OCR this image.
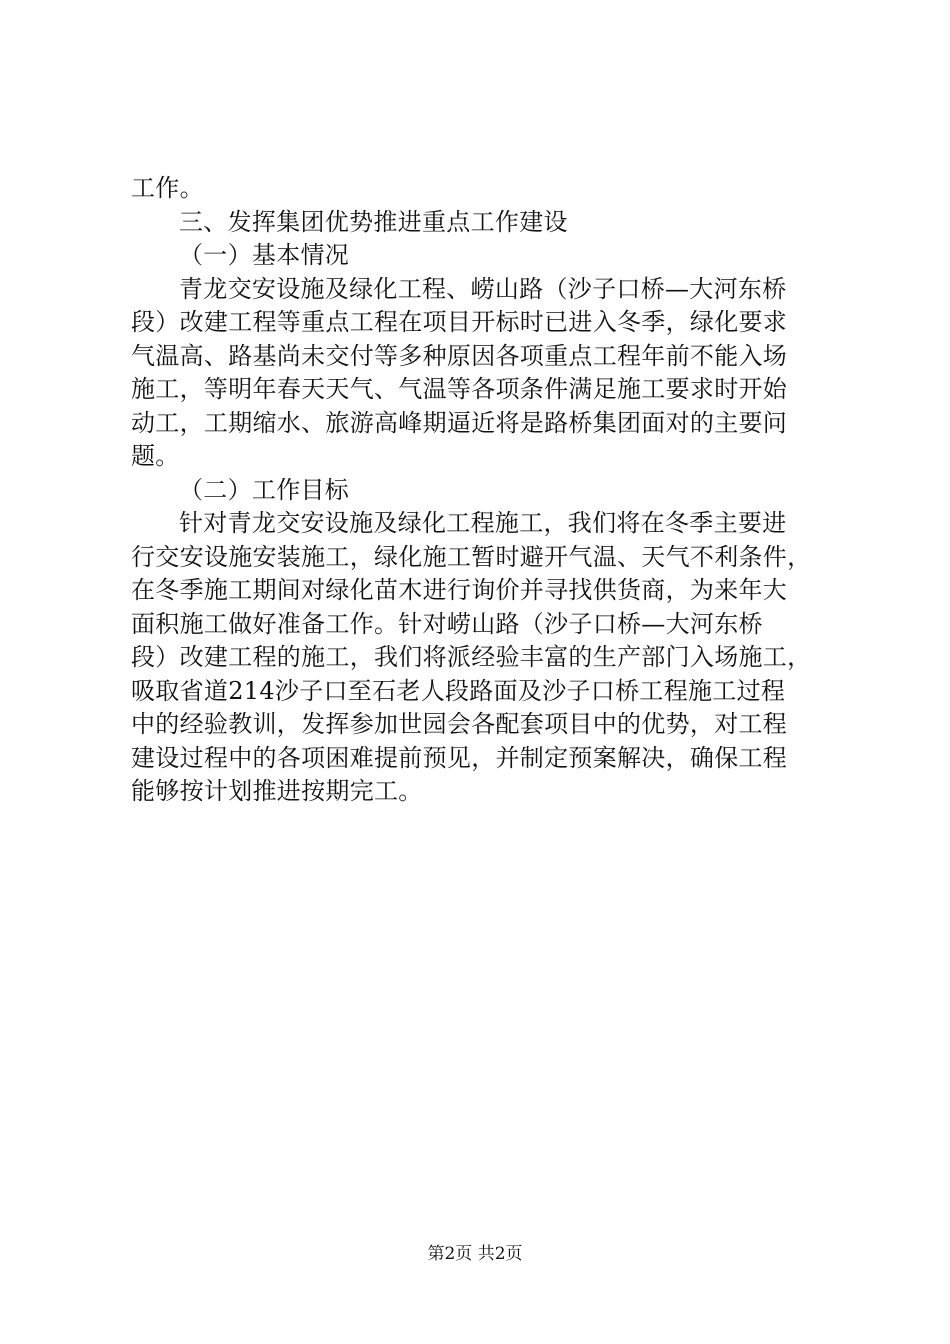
工作。
三、发挥集团优势推进重点工作建设
（一）基本情况
青龙交安设施及绿化工程、崂山路（沙子口桥—大河东桥
段）改建工程等重点工程在项目开标时已进入冬季，绿化要求
气温高、路基尚未交付等多种原因各项重点工程年前不能入场
施工，等明年春天天气、气温等各项条件满足施工要求时开始
动工，工期缩水、旅游高峰期逼近将是路桥集团面对的主要问
题。
（二）工作目标
针对青龙交安设施及绿化工程施工，我们将在冬季主要进
行交安设施安装施工，绿化施工暂时避开气温、天气不利条件，
在冬季施工期间对绿化苗木进行询价并寻找供货商，为来年大
面积施工做好准备工作。针对崂山路（沙子口桥—大河东桥
段）改建工程的施工，我们将派经验丰富的生产部门入场施工，
吸取省道214沙子口至石老人段路面及沙子口桥工程施工过程
中的经验教训，发挥参加世园会各配套项目中的优势，对工程
建设过程中的各项困难提前预见，并制定预案解决，确保工程
能够按计划推进按期完工。
第2页 共2页
